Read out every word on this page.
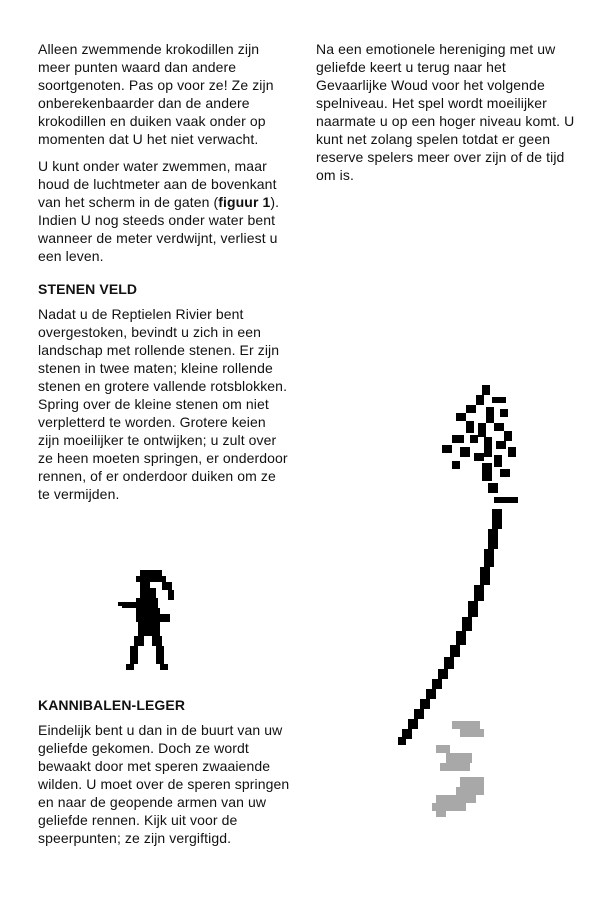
Alleen zwemmende krokodillen zijn meer punten waard dan andere soortgenoten. Pas op voor ze! Ze zijn onberekenbaarder dan de andere krokodillen en duiken vaak onder op momenten dat U het niet verwacht.

U kunt onder water zwemmen, maar houd de luchtmeter aan de bovenkant van het scherm in de gaten (figuur 1). Indien U nog steeds onder water bent wanneer de meter verdwijnt, verliest u een leven.

STENEN VELD

Nadat u de Reptielen Rivier bent overgestoken, bevindt u zich in een landschap met rollende stenen. Er zijn stenen in twee maten; kleine rollende stenen en grotere vallende rotsblokken. Spring over de kleine stenen om niet verpletterd te worden. Grotere keien zijn moeilijker te ontwijken; u zult over ze heen moeten springen, er onderdoor rennen, of er onderdoor duiken om ze te vermijden.

KANNIBALEN-LEGER

Eindelijk bent u dan in de buurt van uw geliefde gekomen. Doch ze wordt bewaakt door met speren zwaaiende wilden. U moet over de speren springen en naar de geopende armen van uw geliefde rennen. Kijk uit voor de speerpunten; ze zijn vergiftigd.

Na een emotionele hereniging met uw geliefde keert u terug naar het Gevaarlijke Woud voor het volgende spelniveau. Het spel wordt moeilijker naarmate u op een hoger niveau komt. U kunt net zolang spelen totdat er geen reserve spelers meer over zijn of de tijd om is.
